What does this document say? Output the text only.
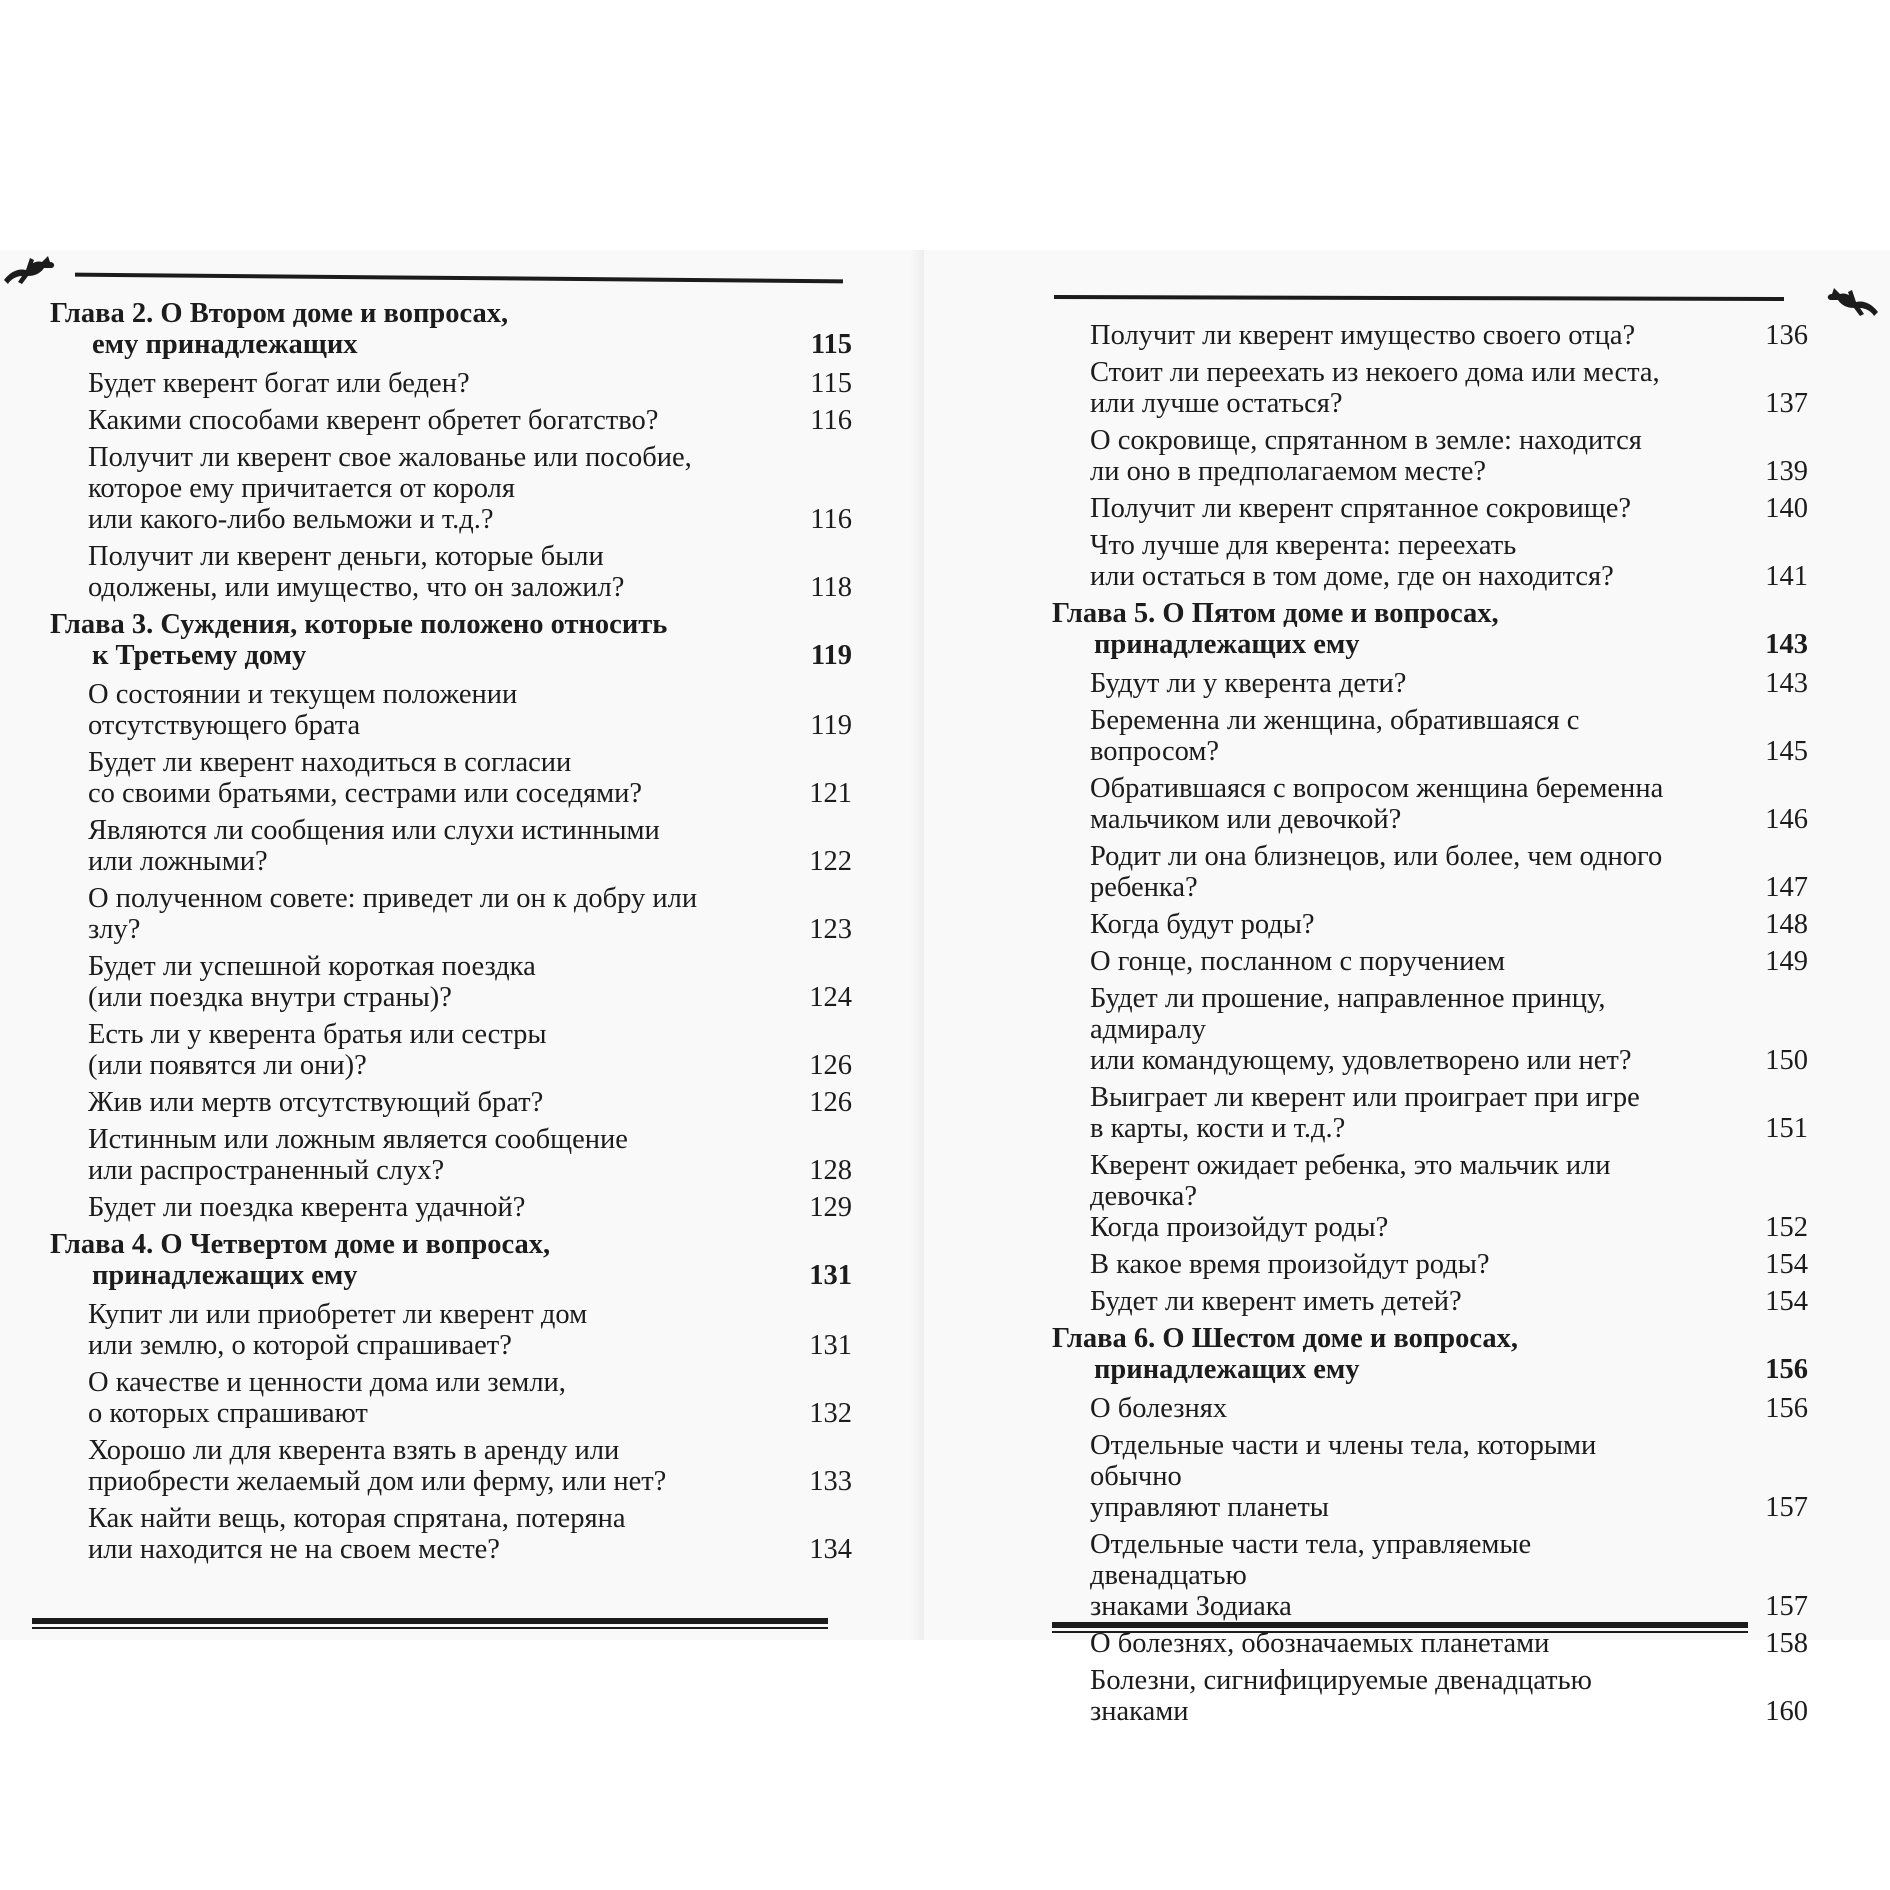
Глава 2. О Втором доме и вопросах,
ему принадлежащих	115
Будет кверент богат или беден?	115
Какими способами кверент обретет богатство?	116
Получит ли кверент свое жалованье или пособие,
которое ему причитается от короля
или какого-либо вельможи и т.д.?	116
Получит ли кверент деньги, которые были
одолжены, или имущество, что он заложил?	118
Глава 3. Суждения, которые положено относить
к Третьему дому	119
О состоянии и текущем положении
отсутствующего брата	119
Будет ли кверент находиться в согласии
со своими братьями, сестрами или соседями?	121
Являются ли сообщения или слухи истинными
или ложными?	122
О полученном совете: приведет ли он к добру или злу?	123
Будет ли успешной короткая поездка
(или поездка внутри страны)?	124
Есть ли у кверента братья или сестры
(или появятся ли они)?	126
Жив или мертв отсутствующий брат?	126
Истинным или ложным является сообщение
или распространенный слух?	128
Будет ли поездка кверента удачной?	129
Глава 4. О Четвертом доме и вопросах,
принадлежащих ему	131
Купит ли или приобретет ли кверент дом
или землю, о которой спрашивает?	131
О качестве и ценности дома или земли,
о которых спрашивают	132
Хорошо ли для кверента взять в аренду или
приобрести желаемый дом или ферму, или нет?	133
Как найти вещь, которая спрятана, потеряна
или находится не на своем месте?	134
Получит ли кверент имущество своего отца?	136
Стоит ли переехать из некоего дома или места,
или лучше остаться?	137
О сокровище, спрятанном в земле: находится
ли оно в предполагаемом месте?	139
Получит ли кверент спрятанное сокровище?	140
Что лучше для кверента: переехать
или остаться в том доме, где он находится?	141
Глава 5. О Пятом доме и вопросах,
принадлежащих ему	143
Будут ли у кверента дети?	143
Беременна ли женщина, обратившаяся с вопросом?	145
Обратившаяся с вопросом женщина беременна
мальчиком или девочкой?	146
Родит ли она близнецов, или более, чем одного
ребенка?	147
Когда будут роды?	148
О гонце, посланном с поручением	149
Будет ли прошение, направленное принцу, адмиралу
или командующему, удовлетворено или нет?	150
Выиграет ли кверент или проиграет при игре
в карты, кости и т.д.?	151
Кверент ожидает ребенка, это мальчик или девочка?
Когда произойдут роды?	152
В какое время произойдут роды?	154
Будет ли кверент иметь детей?	154
Глава 6. О Шестом доме и вопросах,
принадлежащих ему	156
О болезнях	156
Отдельные части и члены тела, которыми обычно
управляют планеты	157
Отдельные части тела, управляемые двенадцатью
знаками Зодиака	157
О болезнях, обозначаемых планетами	158
Болезни, сигнифицируемые двенадцатью знаками	160
